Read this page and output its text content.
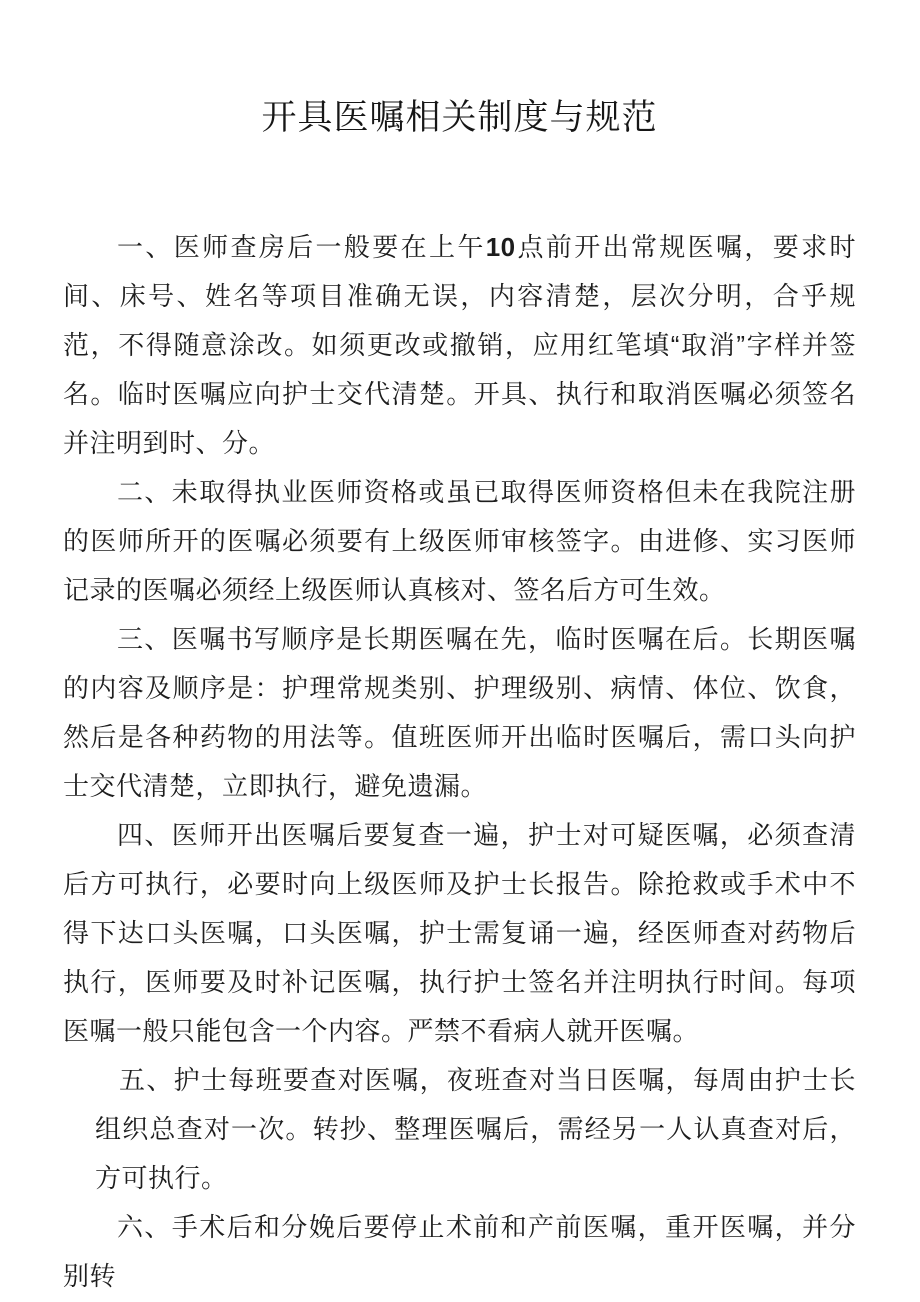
开具医嘱相关制度与规范

一、医师查房后一般要在上午10点前开出常规医嘱，要求时间、床号、姓名等项目准确无误，内容清楚，层次分明，合乎规范，不得随意涂改。如须更改或撤销，应用红笔填“取消”字样并签名。临时医嘱应向护士交代清楚。开具、执行和取消医嘱必须签名并注明到时、分。

二、未取得执业医师资格或虽已取得医师资格但未在我院注册的医师所开的医嘱必须要有上级医师审核签字。由进修、实习医师记录的医嘱必须经上级医师认真核对、签名后方可生效。

三、医嘱书写顺序是长期医嘱在先，临时医嘱在后。长期医嘱的内容及顺序是：护理常规类别、护理级别、病情、体位、饮食，然后是各种药物的用法等。值班医师开出临时医嘱后，需口头向护士交代清楚，立即执行，避免遗漏。

四、医师开出医嘱后要复查一遍，护士对可疑医嘱，必须查清后方可执行，必要时向上级医师及护士长报告。除抢救或手术中不得下达口头医嘱，口头医嘱，护士需复诵一遍，经医师查对药物后执行，医师要及时补记医嘱，执行护士签名并注明执行时间。每项医嘱一般只能包含一个内容。严禁不看病人就开医嘱。

五、护士每班要查对医嘱，夜班查对当日医嘱，每周由护士长组织总查对一次。转抄、整理医嘱后，需经另一人认真查对后，方可执行。

六、手术后和分娩后要停止术前和产前医嘱，重开医嘱，并分别转
